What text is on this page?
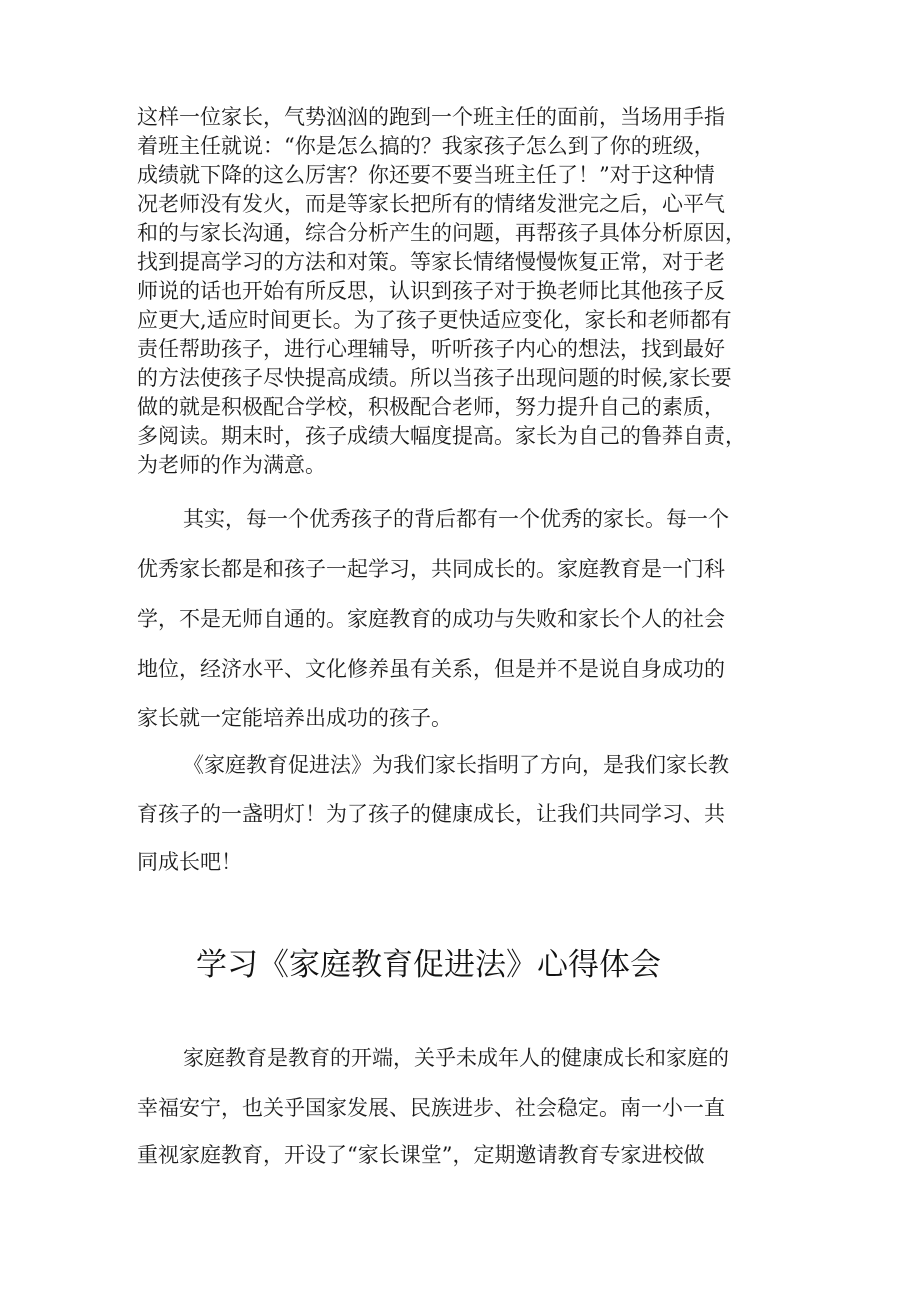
这样一位家长，气势汹汹的跑到一个班主任的面前，当场用手指
着班主任就说：“你是怎么搞的？我家孩子怎么到了你的班级，
成绩就下降的这么厉害？你还要不要当班主任了！”对于这种情
况老师没有发火，而是等家长把所有的情绪发泄完之后，心平气
和的与家长沟通，综合分析产生的问题，再帮孩子具体分析原因，
找到提高学习的方法和对策。等家长情绪慢慢恢复正常，对于老
师说的话也开始有所反思，认识到孩子对于换老师比其他孩子反
应更大,适应时间更长。为了孩子更快适应变化，家长和老师都有
责任帮助孩子，进行心理辅导，听听孩子内心的想法，找到最好
的方法使孩子尽快提高成绩。所以当孩子出现问题的时候,家长要
做的就是积极配合学校，积极配合老师，努力提升自己的素质，
多阅读。期末时，孩子成绩大幅度提高。家长为自己的鲁莽自责，
为老师的作为满意。
其实，每一个优秀孩子的背后都有一个优秀的家长。每一个
优秀家长都是和孩子一起学习，共同成长的。家庭教育是一门科
学，不是无师自通的。家庭教育的成功与失败和家长个人的社会
地位，经济水平、文化修养虽有关系，但是并不是说自身成功的
家长就一定能培养出成功的孩子。
《家庭教育促进法》为我们家长指明了方向，是我们家长教
育孩子的一盏明灯！为了孩子的健康成长，让我们共同学习、共
同成长吧！
学习《家庭教育促进法》心得体会
家庭教育是教育的开端，关乎未成年人的健康成长和家庭的
幸福安宁，也关乎国家发展、民族进步、社会稳定。南一小一直
重视家庭教育，开设了“家长课堂”，定期邀请教育专家进校做
